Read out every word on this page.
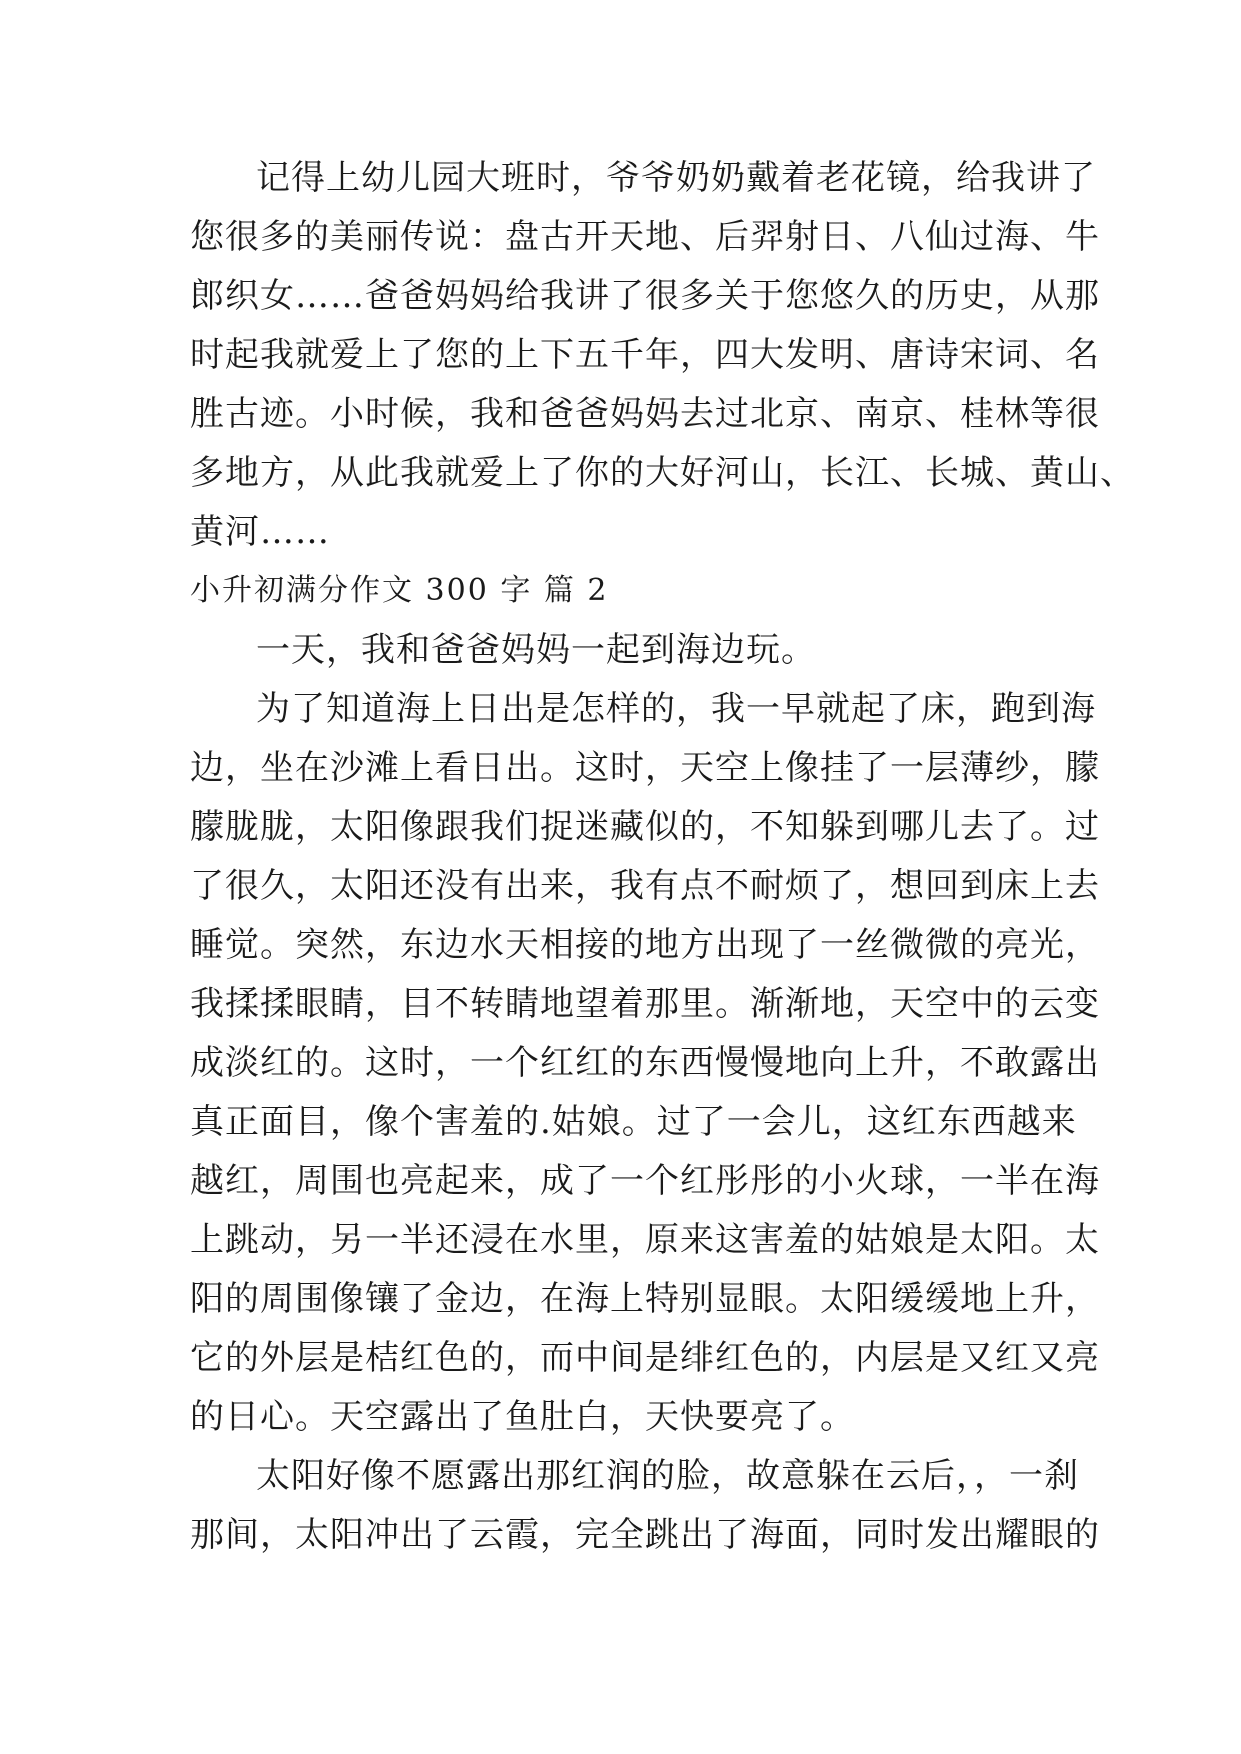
记得上幼儿园大班时，爷爷奶奶戴着老花镜，给我讲了
您很多的美丽传说：盘古开天地、后羿射日、八仙过海、牛
郎织女……爸爸妈妈给我讲了很多关于您悠久的历史，从那
时起我就爱上了您的上下五千年，四大发明、唐诗宋词、名
胜古迹。小时候，我和爸爸妈妈去过北京、南京、桂林等很
多地方，从此我就爱上了你的大好河山，长江、长城、黄山、
黄河……
小升初满分作文 300 字 篇 2
一天，我和爸爸妈妈一起到海边玩。
为了知道海上日出是怎样的，我一早就起了床，跑到海
边，坐在沙滩上看日出。这时，天空上像挂了一层薄纱，朦
朦胧胧，太阳像跟我们捉迷藏似的，不知躲到哪儿去了。过
了很久，太阳还没有出来，我有点不耐烦了，想回到床上去
睡觉。突然，东边水天相接的地方出现了一丝微微的亮光，
我揉揉眼睛，目不转睛地望着那里。渐渐地，天空中的云变
成淡红的。这时，一个红红的东西慢慢地向上升，不敢露出
真正面目，像个害羞的.姑娘。过了一会儿，这红东西越来
越红，周围也亮起来，成了一个红彤彤的小火球，一半在海
上跳动，另一半还浸在水里，原来这害羞的姑娘是太阳。太
阳的周围像镶了金边，在海上特别显眼。太阳缓缓地上升，
它的外层是桔红色的，而中间是绯红色的，内层是又红又亮
的日心。天空露出了鱼肚白，天快要亮了。
太阳好像不愿露出那红润的脸，故意躲在云后，，一刹
那间，太阳冲出了云霞，完全跳出了海面，同时发出耀眼的
